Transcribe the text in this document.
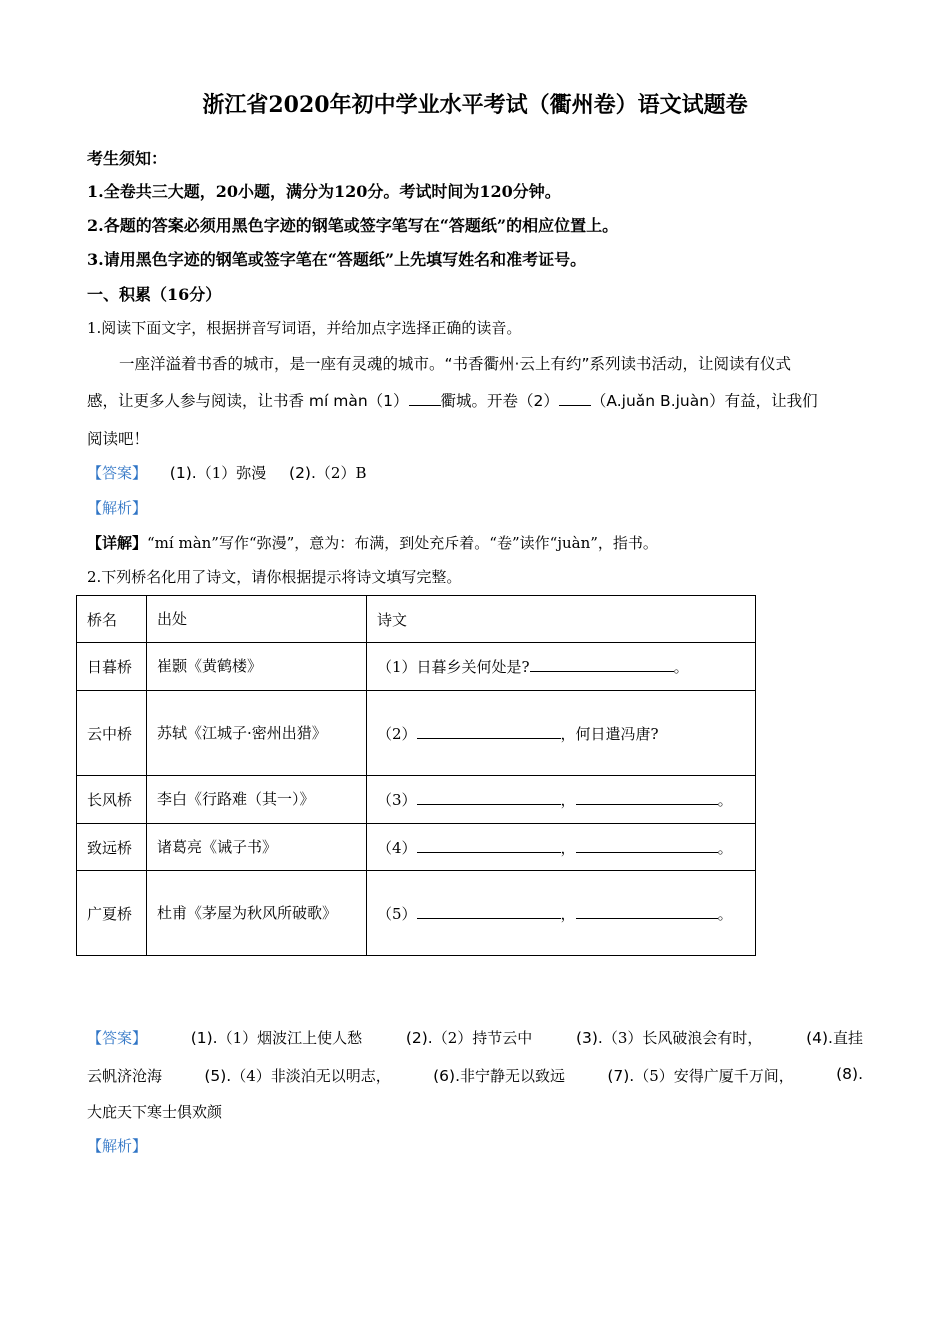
浙江省2020年初中学业水平考试（衢州卷）语文试题卷
考生须知：
1.全卷共三大题，20小题，满分为120分。考试时间为120分钟。
2.各题的答案必须用黑色字迹的钢笔或签字笔写在“答题纸”的相应位置上。
3.请用黑色字迹的钢笔或签字笔在“答题纸”上先填写姓名和准考证号。
一、积累（16分）
1.阅读下面文字，根据拼音写词语，并给加点字选择正确的读音。
一座洋溢着书香的城市，是一座有灵魂的城市。“书香衢州·云上有约”系列读书活动，让阅读有仪式
感，让更多人参与阅读，让书香 mí màn（1） 衢城。开卷（2） （A.juǎn B.juàn）有益，让我们
阅读吧！
【答案】 (1).（1）弥漫 (2).（2）B
【解析】
【详解】“mí màn”写作“弥漫”，意为：布满，到处充斥着。“卷”读作“juàn”，指书。
2.下列桥名化用了诗文，请你根据提示将诗文填写完整。
桥名	出处	诗文
日暮桥	崔颢《黄鹤楼》	（1）日暮乡关何处是? 。
云中桥	苏轼《江城子·密州出猎》	（2） ，何日遣冯唐?
长风桥	李白《行路难（其一）》	（3） ， 。
致远桥	诸葛亮《诫子书》	（4） ， 。
广夏桥	杜甫《茅屋为秋风所破歌》	（5） ， 。
【答案】	(1).（1）烟波江上使人愁	(2).（2）持节云中	(3).（3）长风破浪会有时，	(4).直挂
云帆济沧海	(5).（4）非淡泊无以明志，	(6).非宁静无以致远	(7).（5）安得广厦千万间，	(8).
大庇天下寒士俱欢颜
【解析】
